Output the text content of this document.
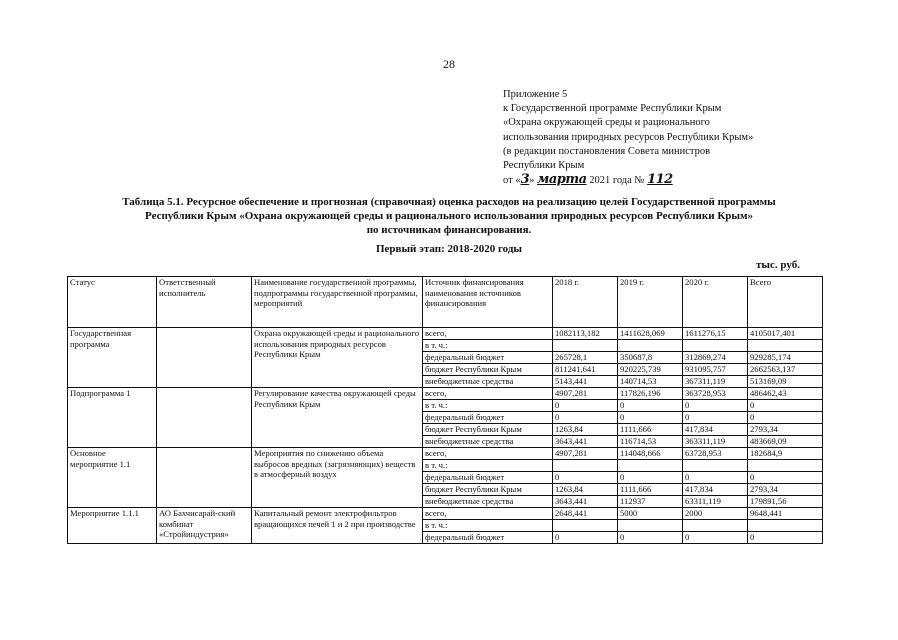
28
Приложение 5
к Государственной программе Республики Крым
«Охрана окружающей среды и рационального
использования природных ресурсов Республики Крым»
(в редакции постановления Совета министров
Республики Крым
от «3» марта 2021 года № 112
Таблица 5.1. Ресурсное обеспечение и прогнозная (справочная) оценка расходов на реализацию целей Государственной программы
Республики Крым «Охрана окружающей среды и рационального использования природных ресурсов Республики Крым»
по источникам финансирования.
Первый этап: 2018-2020 годы
тыс. руб.
Статус	Ответственный исполнитель	Наименование государственной программы, подпрограммы государственной программы, мероприятий	Источник финансирования наименования источников финансирования	2018 г.	2019 г.	2020 г.	Всего
Государственная программа		Охрана окружающей среды и рационального использования природных ресурсов Республики Крым	всего,	1082113,182	1411628,069	1611276,15	4105017,401
			в т. ч.:				
			федеральный бюджет	265728,1	350687,8	312869,274	929285,174
			бюджет Республики Крым	811241,641	920225,739	931095,757	2662563,137
			внебюджетные средства	5143,441	140714,53	367311,119	513169,09
Подпрограмма 1		Регулирование качества окружающей среды Республики Крым	всего,	4907,281	117826,196	363728,953	486462,43
			в т. ч.:	0	0	0	0
			федеральный бюджет	0	0	0	0
			бюджет Республики Крым	1263,84	1111,666	417,834	2793,34
			внебюджетные средства	3643,441	116714,53	363311,119	483669,09
Основное мероприятие 1.1		Мероприятия по снижению объема выбросов вредных (загрязняющих) веществ в атмосферный воздух	всего,	4907,281	114048,666	63728,953	182684,9
			в т. ч.:				
			федеральный бюджет	0	0	0	0
			бюджет Республики Крым	1263,84	1111,666	417,834	2793,34
			внебюджетные средства	3643,441	112937	63311,119	179891,56
Мероприятие 1.1.1	АО Бахчисарай-ский комбинат «Стройиндустрия»	Капитальный ремонт электрофильтров вращающихся печей 1 и 2 при производстве	всего,	2648,441	5000	2000	9648,441
			в т. ч.:				
			федеральный бюджет	0	0	0	0
